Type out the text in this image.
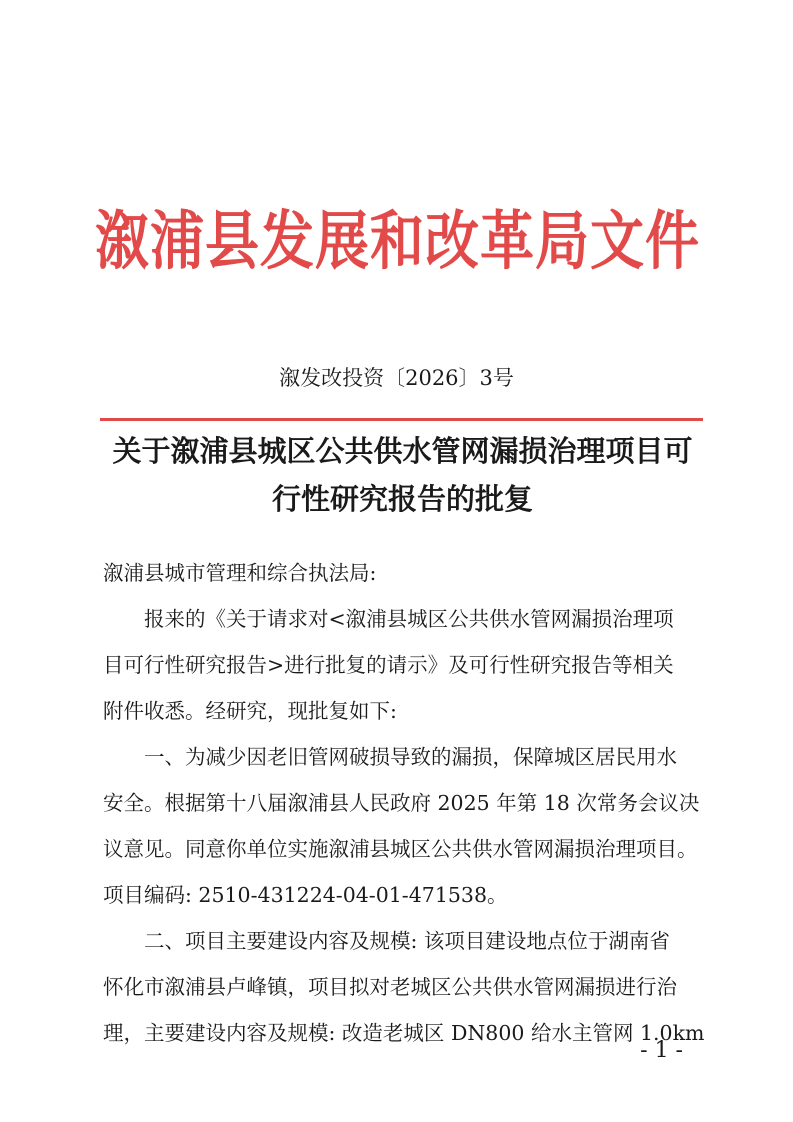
溆浦县发展和改革局文件
溆发改投资〔2026〕3号
关于溆浦县城区公共供水管网漏损治理项目可
行性研究报告的批复
溆浦县城市管理和综合执法局:
报来的《关于请求对<溆浦县城区公共供水管网漏损治理项
目可行性研究报告>进行批复的请示》及可行性研究报告等相关
附件收悉。经研究，现批复如下:
一、为减少因老旧管网破损导致的漏损，保障城区居民用水
安全。根据第十八届溆浦县人民政府 2025 年第 18 次常务会议决
议意见。同意你单位实施溆浦县城区公共供水管网漏损治理项目。
项目编码: 2510-431224-04-01-471538。
二、项目主要建设内容及规模: 该项目建设地点位于湖南省
怀化市溆浦县卢峰镇，项目拟对老城区公共供水管网漏损进行治
理，主要建设内容及规模: 改造老城区 DN800 给水主管网 1.0km
- 1 -
